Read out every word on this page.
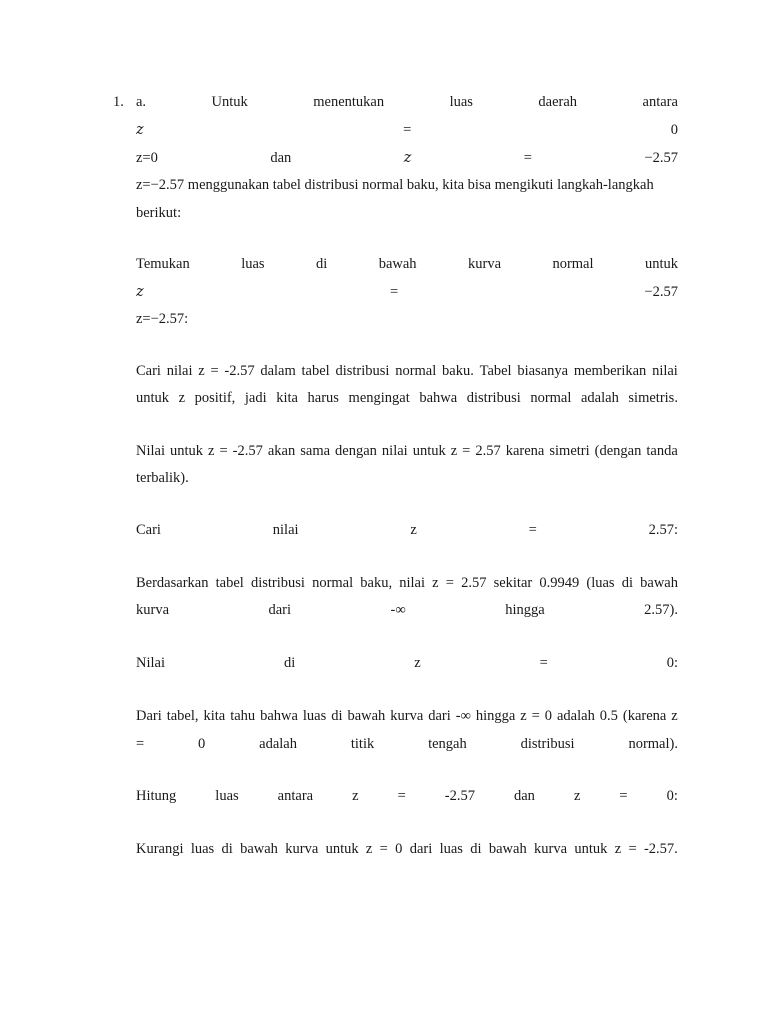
1. a.	Untuk	menentukan	luas	daerah	antara
z	=	0
z=0	dan	z	=	−2.57
z=−2.57 menggunakan tabel distribusi normal baku, kita bisa mengikuti langkah-langkah
berikut:
Temukan	luas	di	bawah	kurva	normal	untuk
z	=	−2.57
z=−2.57:
Cari nilai z = -2.57 dalam tabel distribusi normal baku. Tabel biasanya memberikan nilai
untuk z positif, jadi kita harus mengingat bahwa distribusi normal adalah simetris.
Nilai untuk z = -2.57 akan sama dengan nilai untuk z = 2.57 karena simetri (dengan tanda
terbalik).
Cari	nilai	z	=	2.57:
Berdasarkan tabel distribusi normal baku, nilai z = 2.57 sekitar 0.9949 (luas di bawah
kurva	dari	-∞	hingga	2.57).
Nilai	di	z	=	0:
Dari tabel, kita tahu bahwa luas di bawah kurva dari -∞ hingga z = 0 adalah 0.5 (karena z
=	0	adalah	titik	tengah	distribusi	normal).
Hitung	luas	antara	z	=	-2.57	dan	z	=	0:
Kurangi luas di bawah kurva untuk z = 0 dari luas di bawah kurva untuk z = -2.57.
